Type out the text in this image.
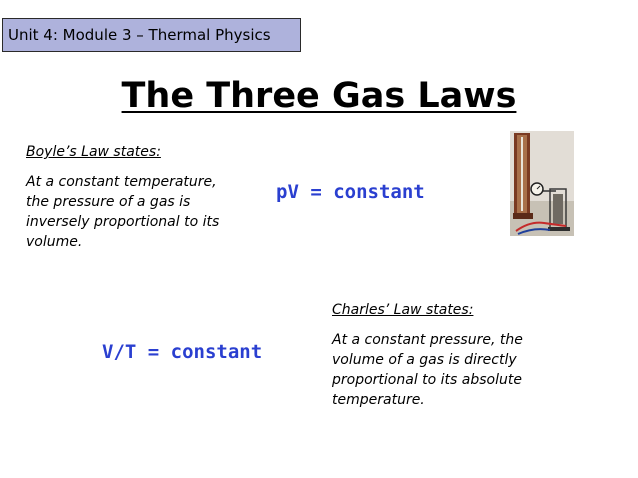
Unit 4: Module 3 – Thermal Physics
The Three Gas Laws
Boyle’s Law states:
At a constant temperature,
the pressure of a gas is
inversely proportional to its
volume.
pV = constant
Charles’ Law states:
At a constant pressure, the
volume of a gas is directly
proportional to its absolute
temperature.
V/T = constant
